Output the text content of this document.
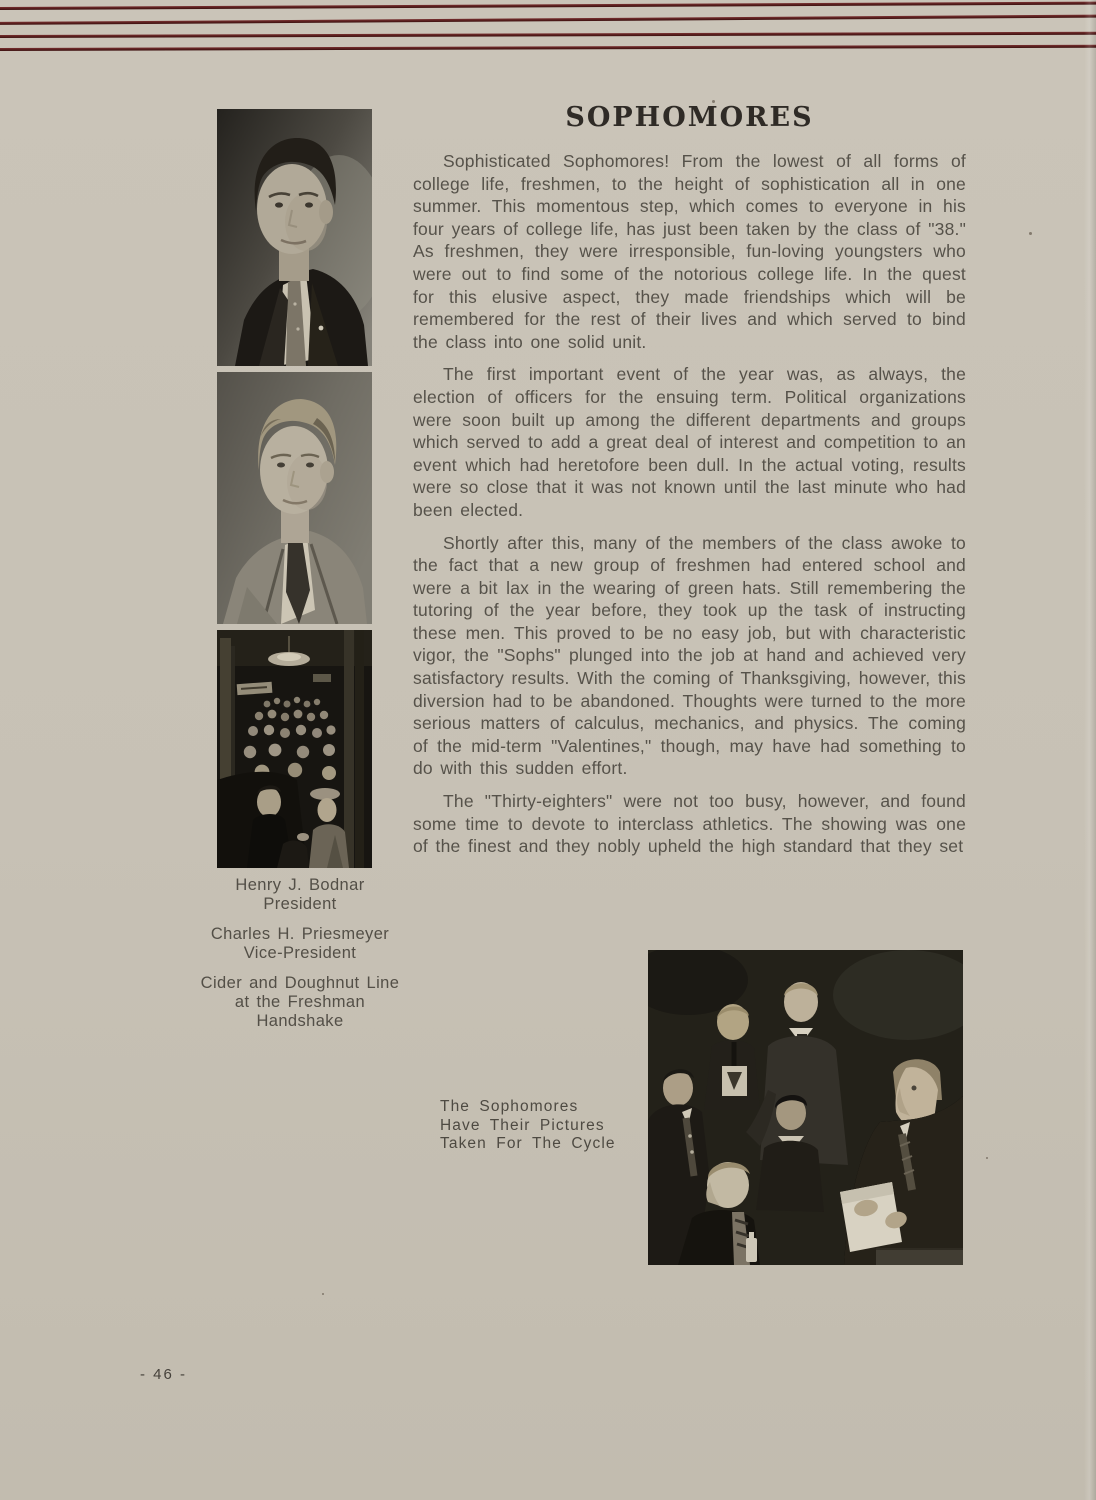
SOPHOMORES

Sophisticated Sophomores! From the lowest of all forms of college life, freshmen, to the height of sophistication all in one summer. This momentous step, which comes to everyone in his four years of college life, has just been taken by the class of "38." As freshmen, they were irresponsible, fun-loving youngsters who were out to find some of the notorious college life. In the quest for this elusive aspect, they made friendships which will be remembered for the rest of their lives and which served to bind the class into one solid unit.

The first important event of the year was, as always, the election of officers for the ensuing term. Political organizations were soon built up among the different departments and groups which served to add a great deal of interest and competition to an event which had heretofore been dull. In the actual voting, results were so close that it was not known until the last minute who had been elected.

Shortly after this, many of the members of the class awoke to the fact that a new group of freshmen had entered school and were a bit lax in the wearing of green hats. Still remembering the tutoring of the year before, they took up the task of instructing these men. This proved to be no easy job, but with characteristic vigor, the "Sophs" plunged into the job at hand and achieved very satisfactory results. With the coming of Thanksgiving, however, this diversion had to be abandoned. Thoughts were turned to the more serious matters of calculus, mechanics, and physics. The coming of the mid-term "Valentines," though, may have had something to do with this sudden effort.

The "Thirty-eighters" were not too busy, however, and found some time to devote to interclass athletics. The showing was one of the finest and they nobly upheld the high standard that they set

Henry J. Bodnar
President
Charles H. Priesmeyer
Vice-President
Cider and Doughnut Line
at the Freshman
Handshake
The Sophomores
Have Their Pictures
Taken For The Cycle
- 46 -
